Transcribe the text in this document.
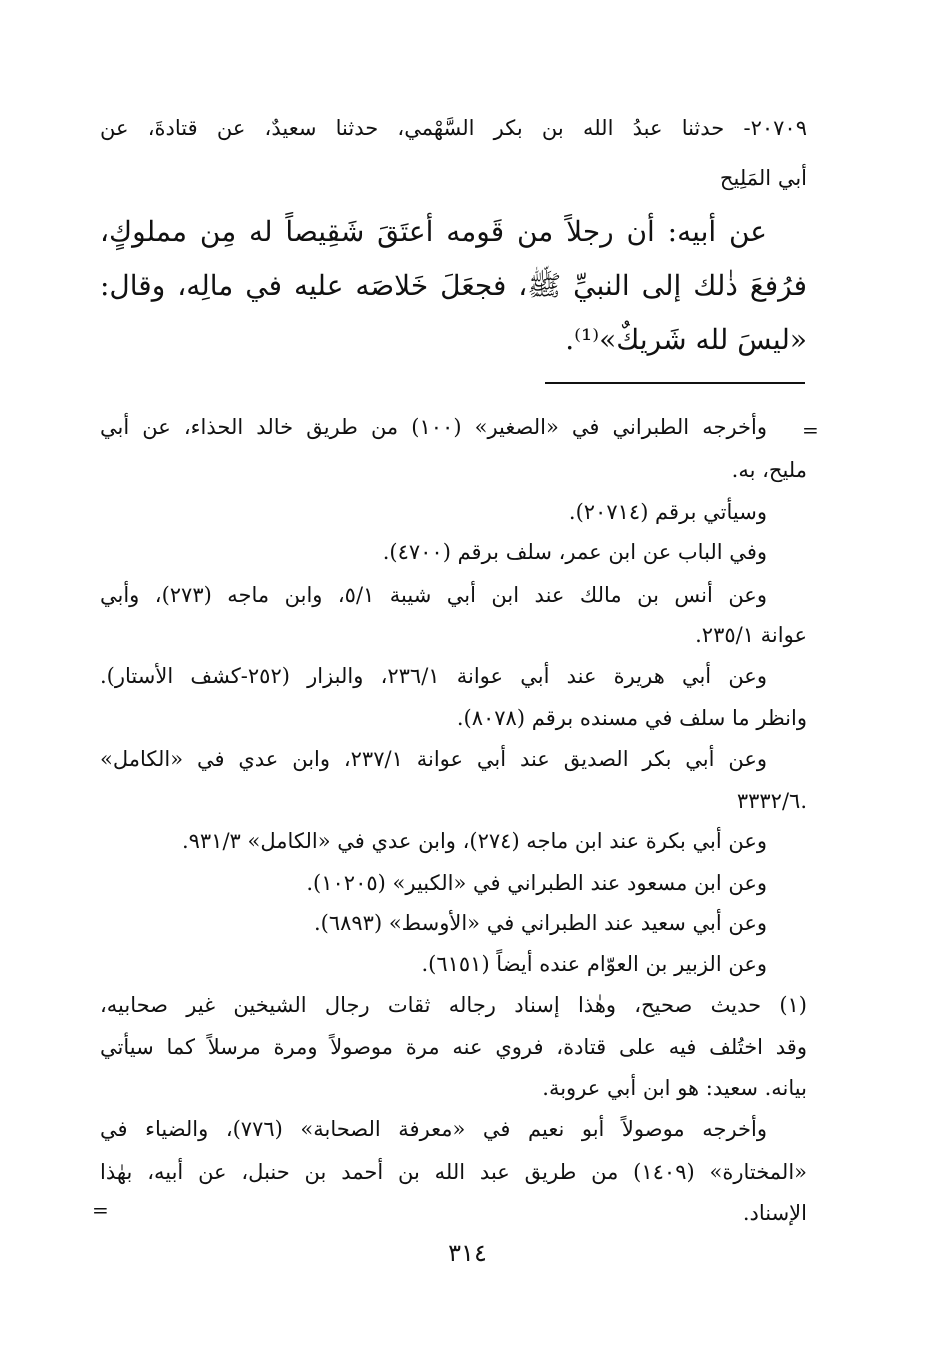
٢٠٧٠٩- حدثنا عبدُ الله بن بكر السَّهْمي، حدثنا سعيدٌ، عن قتادةَ، عن
أبي المَلِيح
عن أبيه: أن رجلاً من قَومه أعتَقَ شَقِيصاً له مِن مملوكٍ،
فرُفعَ ذٰلك إلى النبيِّ ﷺ، فجعَلَ خَلاصَه عليه في مالِه، وقال:
«ليسَ لله شَريكٌ»⁽¹⁾.
=
وأخرجه الطبراني في «الصغير» (١٠٠) من طريق خالد الحذاء، عن أبي
مليح، به.
وسيأتي برقم (٢٠٧١٤).
وفي الباب عن ابن عمر، سلف برقم (٤٧٠٠).
وعن أنس بن مالك عند ابن أبي شيبة ٥/١، وابن ماجه (٢٧٣)، وأبي
عوانة ٢٣٥/١.
وعن أبي هريرة عند أبي عوانة ٢٣٦/١، والبزار (٢٥٢-كشف الأستار).
وانظر ما سلف في مسنده برقم (٨٠٧٨).
وعن أبي بكر الصديق عند أبي عوانة ٢٣٧/١، وابن عدي في «الكامل»
٣٣٣٢/٦.
وعن أبي بكرة عند ابن ماجه (٢٧٤)، وابن عدي في «الكامل» ٩٣١/٣.
وعن ابن مسعود عند الطبراني في «الكبير» (١٠٢٠٥).
وعن أبي سعيد عند الطبراني في «الأوسط» (٦٨٩٣).
وعن الزبير بن العوّام عنده أيضاً (٦١٥١).
(١) حديث صحيح، وهٰذا إسناد رجاله ثقات رجال الشيخين غير صحابيه،
وقد اختُلف فيه على قتادة، فروي عنه مرة موصولاً ومرة مرسلاً كما سيأتي
بيانه. سعيد: هو ابن أبي عروبة.
وأخرجه موصولاً أبو نعيم في «معرفة الصحابة» (٧٧٦)، والضياء في
«المختارة» (١٤٠٩) من طريق عبد الله بن أحمد بن حنبل، عن أبيه، بهٰذا
الإسناد.
=
٣١٤
